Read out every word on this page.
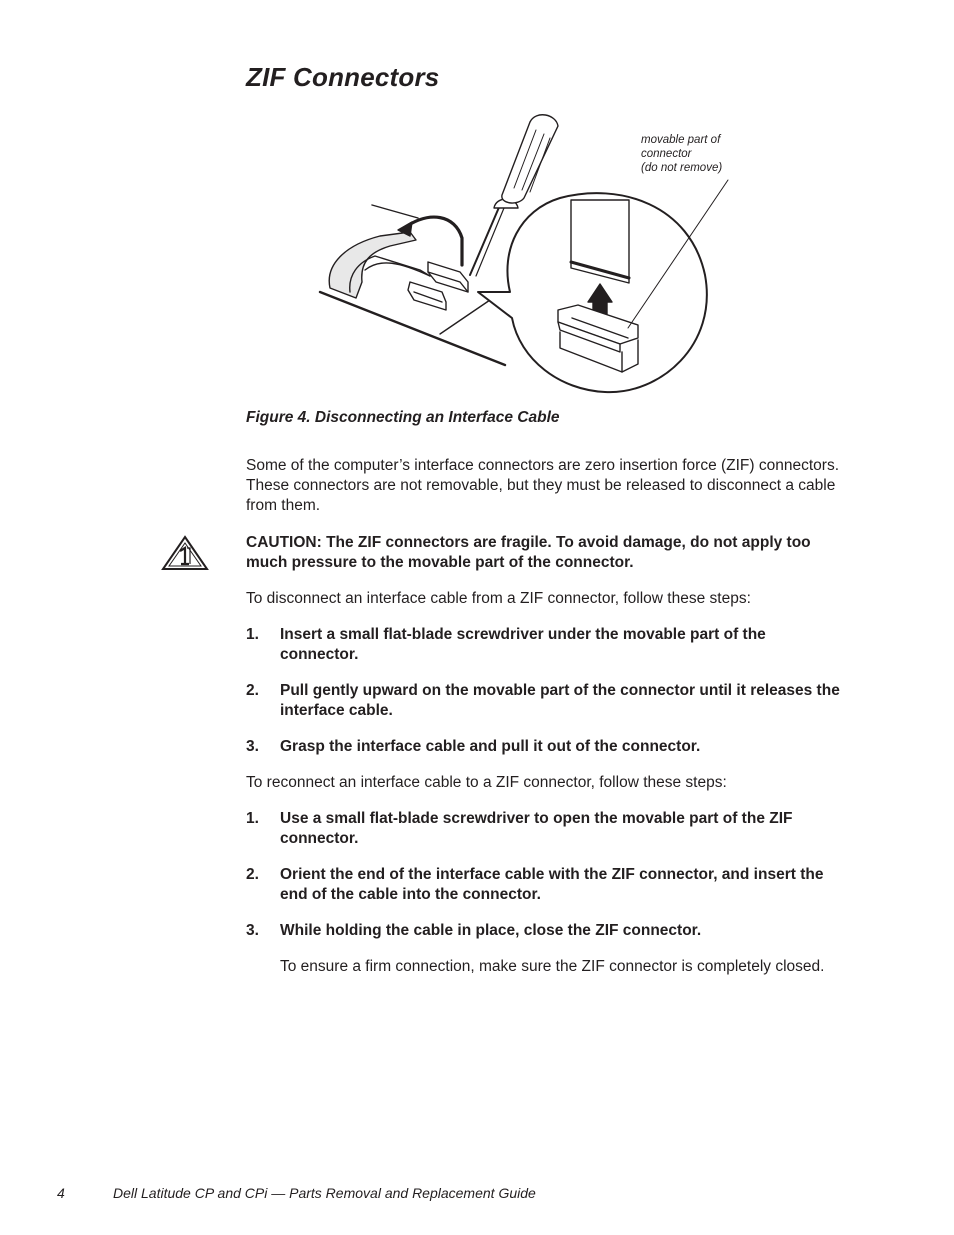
ZIF Connectors
movable part of
connector
(do not remove)
Figure 4. Disconnecting an Interface Cable

Some of the computer’s interface connectors are zero insertion force (ZIF) connectors. These connectors are not removable, but they must be released to disconnect a cable from them.

CAUTION: The ZIF connectors are fragile. To avoid damage, do not apply too much pressure to the movable part of the connector.

To disconnect an interface cable from a ZIF connector, follow these steps:

1. Insert a small flat-blade screwdriver under the movable part of the connector.
2. Pull gently upward on the movable part of the connector until it releases the interface cable.
3. Grasp the interface cable and pull it out of the connector.

To reconnect an interface cable to a ZIF connector, follow these steps:

1. Use a small flat-blade screwdriver to open the movable part of the ZIF connector.
2. Orient the end of the interface cable with the ZIF connector, and insert the end of the cable into the connector.
3. While holding the cable in place, close the ZIF connector.
To ensure a firm connection, make sure the ZIF connector is completely closed.
4	Dell Latitude CP and CPi — Parts Removal and Replacement Guide
